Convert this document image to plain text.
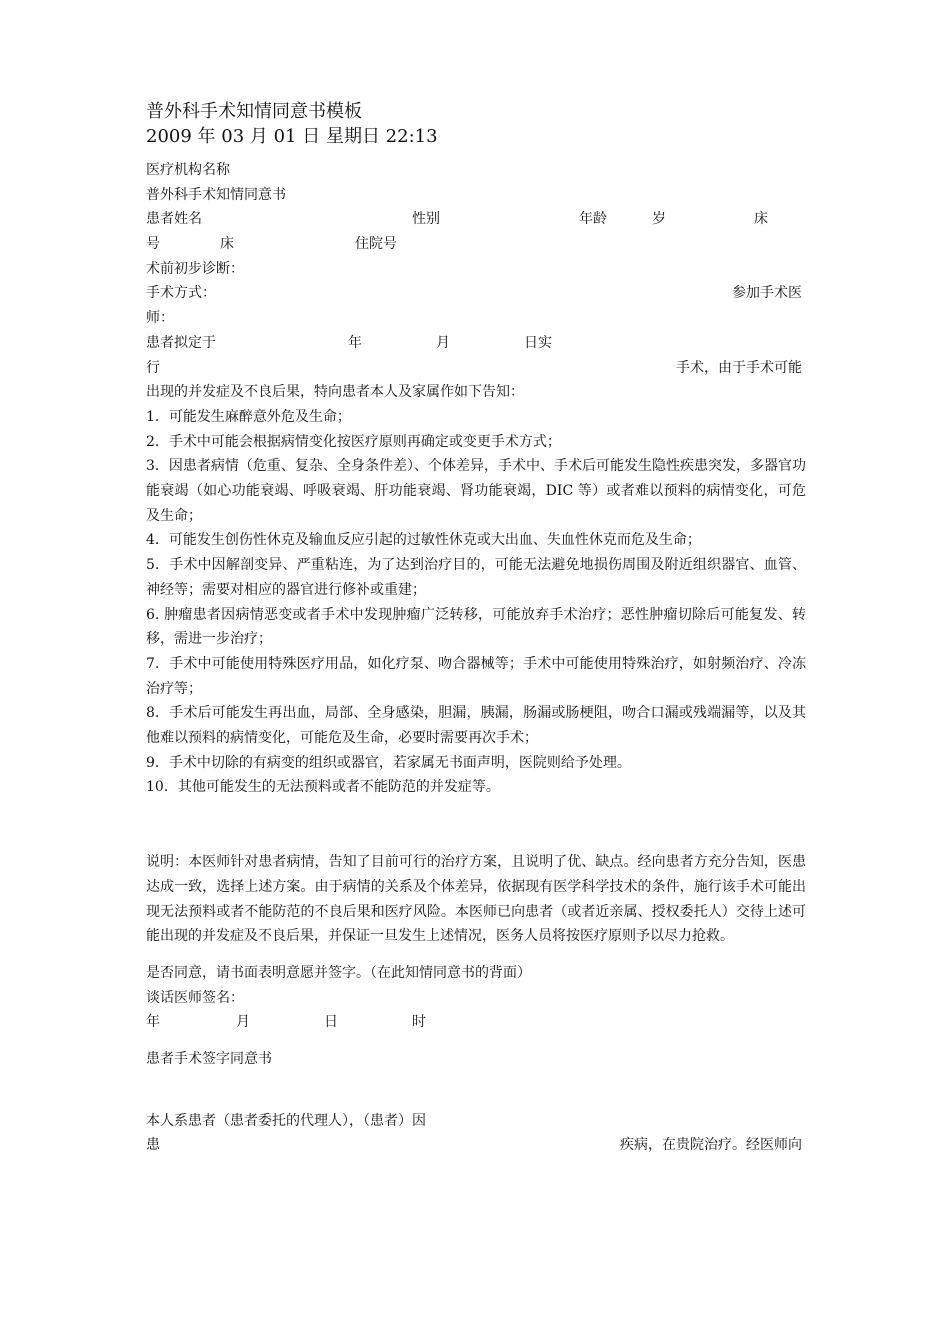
普外科手术知情同意书模板
2009 年 03 月 01 日 星期日 22:13
医疗机构名称
普外科手术知情同意书
患者姓名	性别	年龄	岁	床
号	床	住院号
术前初步诊断：
手术方式：	参加手术医
师：
患者拟定于	年	月	日实
行	手术，由于手术可能
出现的并发症及不良后果，特向患者本人及家属作如下告知：
1．可能发生麻醉意外危及生命；
2．手术中可能会根据病情变化按医疗原则再确定或变更手术方式；
3．因患者病情（危重、复杂、全身条件差）、个体差异，手术中、手术后可能发生隐性疾患突发，多器官功能衰竭（如心功能衰竭、呼吸衰竭、肝功能衰竭、肾功能衰竭，DIC 等）或者难以预料的病情变化，可危及生命；
4．可能发生创伤性休克及输血反应引起的过敏性休克或大出血、失血性休克而危及生命；
5．手术中因解剖变异、严重粘连，为了达到治疗目的，可能无法避免地损伤周围及附近组织器官、血管、神经等；需要对相应的器官进行修补或重建；
6. 肿瘤患者因病情恶变或者手术中发现肿瘤广泛转移，可能放弃手术治疗；恶性肿瘤切除后可能复发、转移，需进一步治疗；
7．手术中可能使用特殊医疗用品，如化疗泵、吻合器械等；手术中可能使用特殊治疗，如射频治疗、冷冻治疗等；
8．手术后可能发生再出血，局部、全身感染，胆漏，胰漏，肠漏或肠梗阻，吻合口漏或残端漏等，以及其他难以预料的病情变化，可能危及生命，必要时需要再次手术；
9．手术中切除的有病变的组织或器官，若家属无书面声明，医院则给予处理。
10．其他可能发生的无法预料或者不能防范的并发症等。
说明：本医师针对患者病情，告知了目前可行的治疗方案，且说明了优、缺点。经向患者方充分告知，医患达成一致，选择上述方案。由于病情的关系及个体差异，依据现有医学科学技术的条件，施行该手术可能出现无法预料或者不能防范的不良后果和医疗风险。本医师已向患者（或者近亲属、授权委托人）交待上述可能出现的并发症及不良后果，并保证一旦发生上述情况，医务人员将按医疗原则予以尽力抢救。
是否同意，请书面表明意愿并签字。（在此知情同意书的背面）
谈话医师签名：
年	月	日	时
患者手术签字同意书
本人系患者（患者委托的代理人），（患者）因
患	疾病，在贵院治疗。经医师向
